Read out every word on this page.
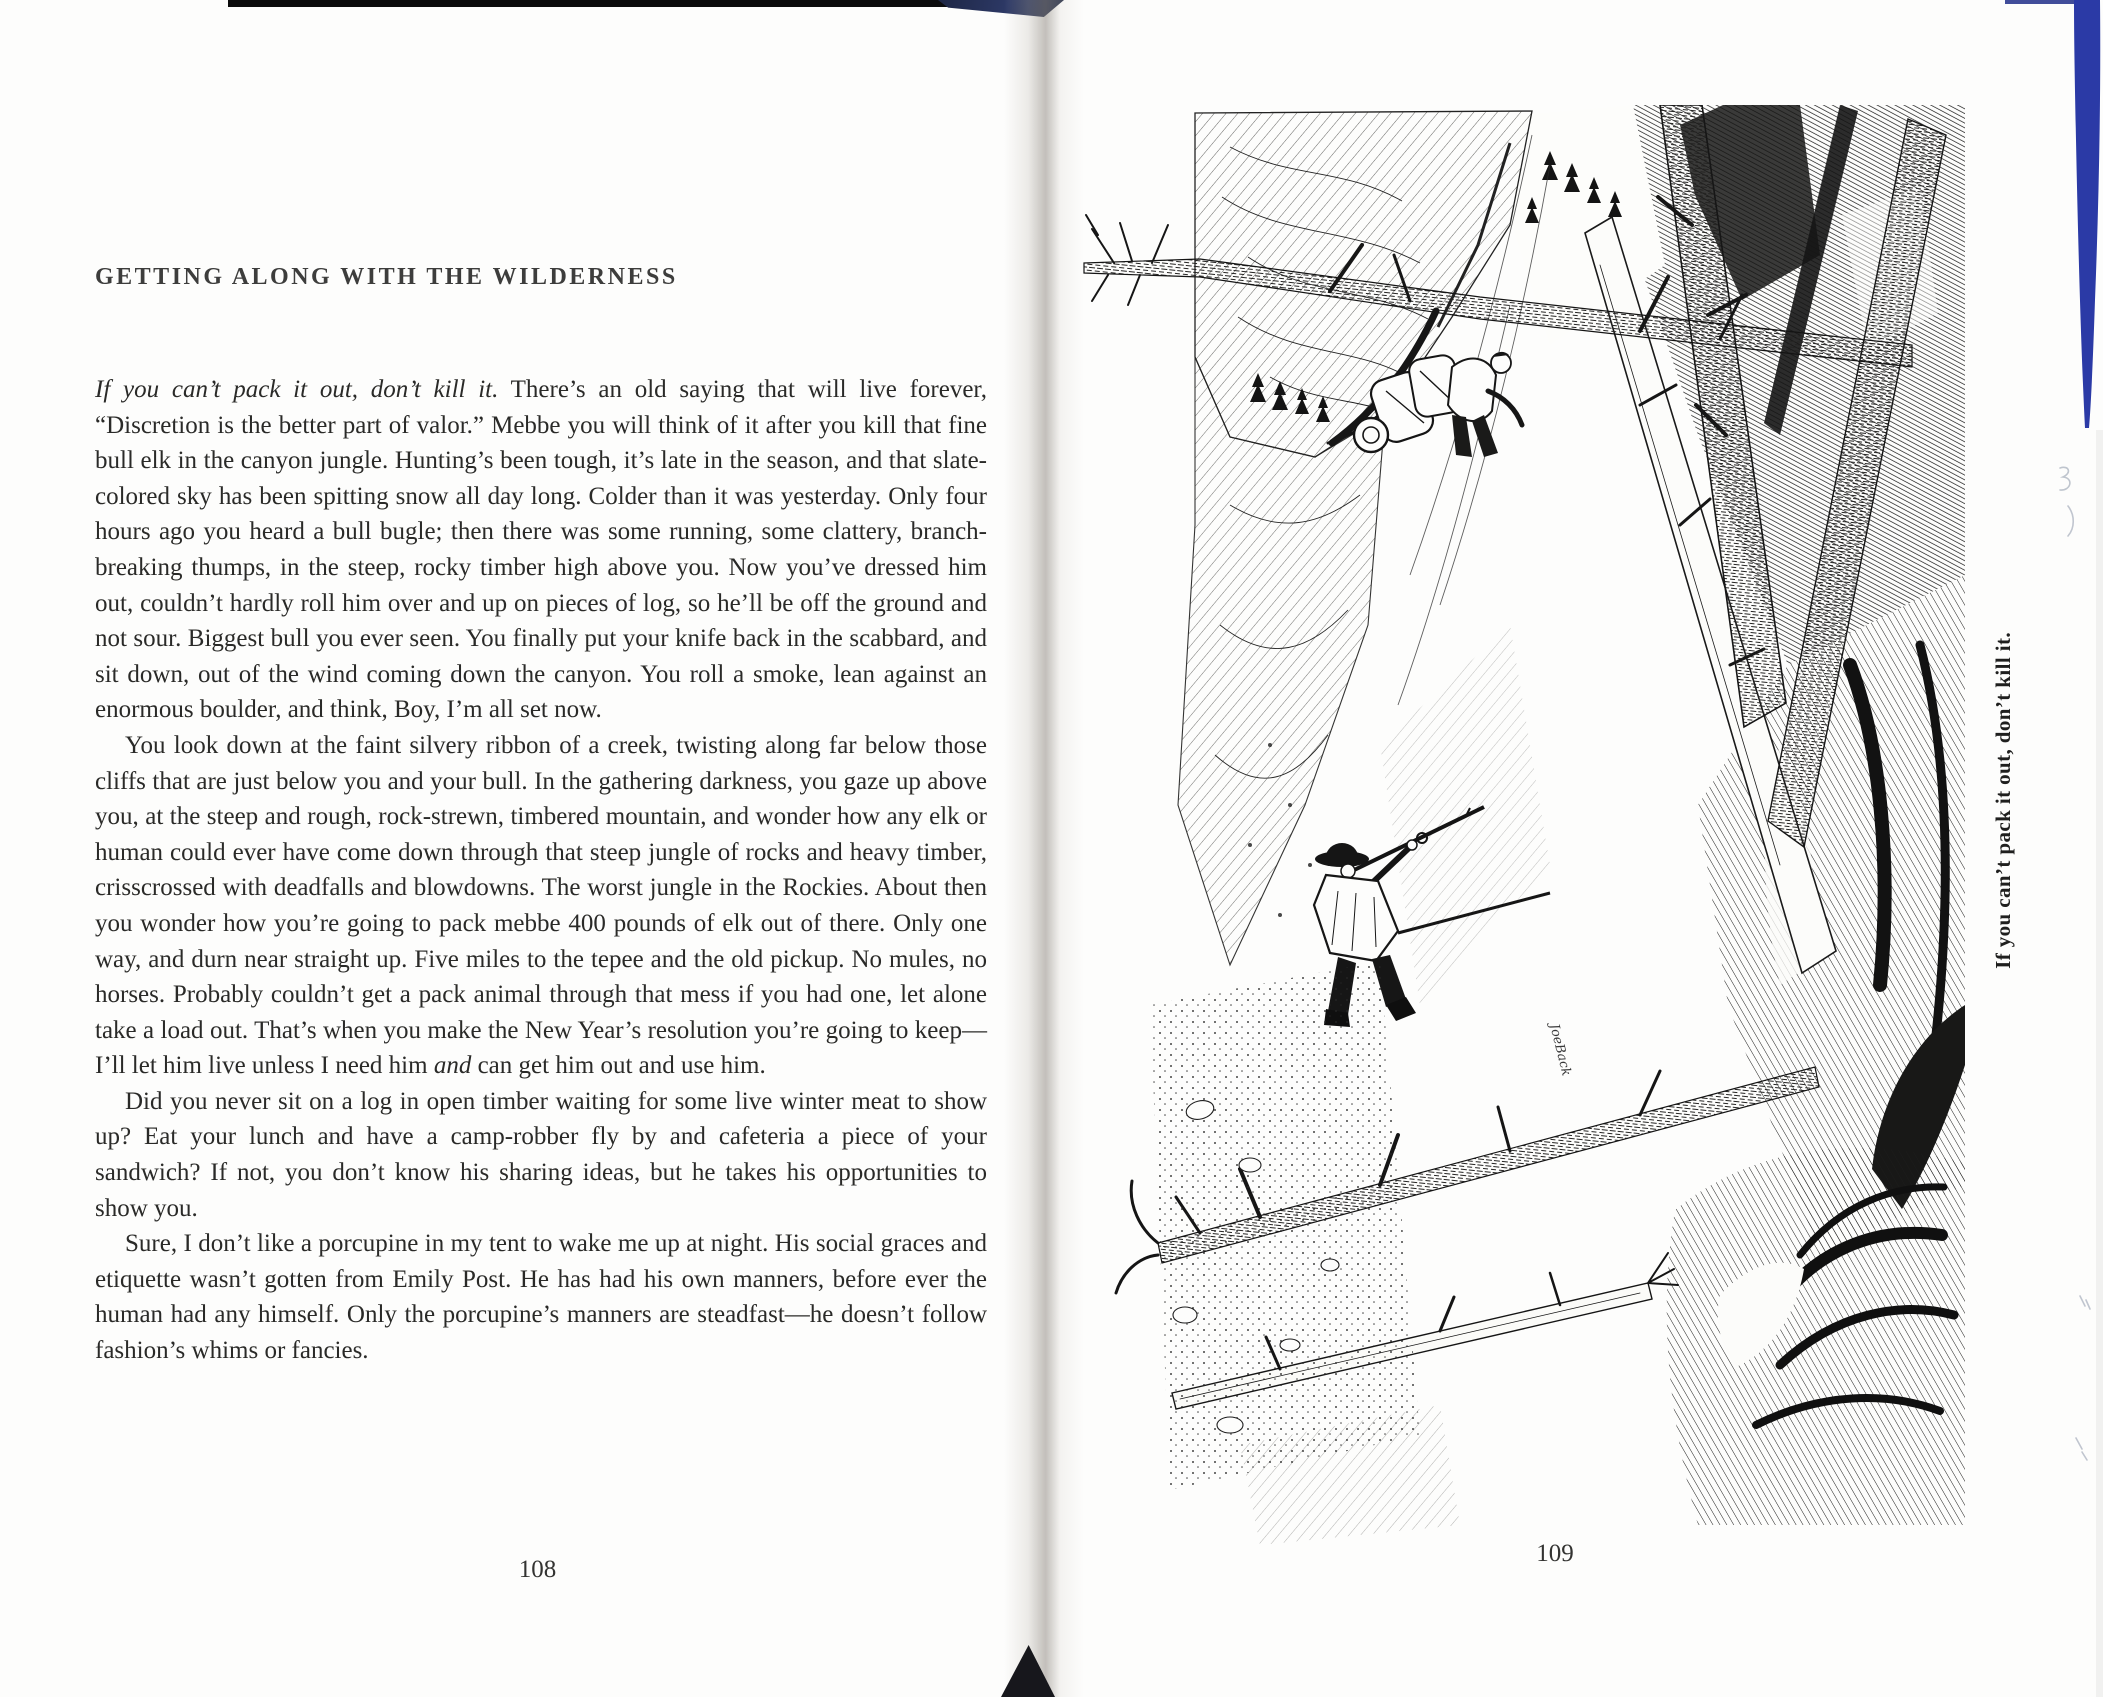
GETTING ALONG WITH THE WILDERNESS

If you can’t pack it out, don’t kill it. There’s an old saying that will live forever, “Discretion is the better part of valor.” Mebbe you will think of it after you kill that fine bull elk in the canyon jungle. Hunting’s been tough, it’s late in the season, and that slate-colored sky has been spitting snow all day long. Colder than it was yesterday. Only four hours ago you heard a bull bugle; then there was some running, some clattery, branch-breaking thumps, in the steep, rocky timber high above you. Now you’ve dressed him out, couldn’t hardly roll him over and up on pieces of log, so he’ll be off the ground and not sour. Biggest bull you ever seen. You finally put your knife back in the scabbard, and sit down, out of the wind coming down the canyon. You roll a smoke, lean against an enormous boulder, and think, Boy, I’m all set now.

You look down at the faint silvery ribbon of a creek, twisting along far below those cliffs that are just below you and your bull. In the gathering darkness, you gaze up above you, at the steep and rough, rock-strewn, timbered mountain, and wonder how any elk or human could ever have come down through that steep jungle of rocks and heavy timber, crisscrossed with deadfalls and blowdowns. The worst jungle in the Rockies. About then you wonder how you’re going to pack mebbe 400 pounds of elk out of there. Only one way, and durn near straight up. Five miles to the tepee and the old pickup. No mules, no horses. Probably couldn’t get a pack animal through that mess if you had one, let alone take a load out. That’s when you make the New Year’s resolution you’re going to keep—I’ll let him live unless I need him and can get him out and use him.

Did you never sit on a log in open timber waiting for some live winter meat to show up? Eat your lunch and have a camp-robber fly by and cafeteria a piece of your sandwich? If not, you don’t know his sharing ideas, but he takes his opportunities to show you.

Sure, I don’t like a porcupine in my tent to wake me up at night. His social graces and etiquette wasn’t gotten from Emily Post. He has had his own manners, before ever the human had any himself. Only the porcupine’s manners are steadfast—he doesn’t follow fashion’s whims or fancies.

108
JoeBack
109
If you can’t pack it out, don’t kill it.
